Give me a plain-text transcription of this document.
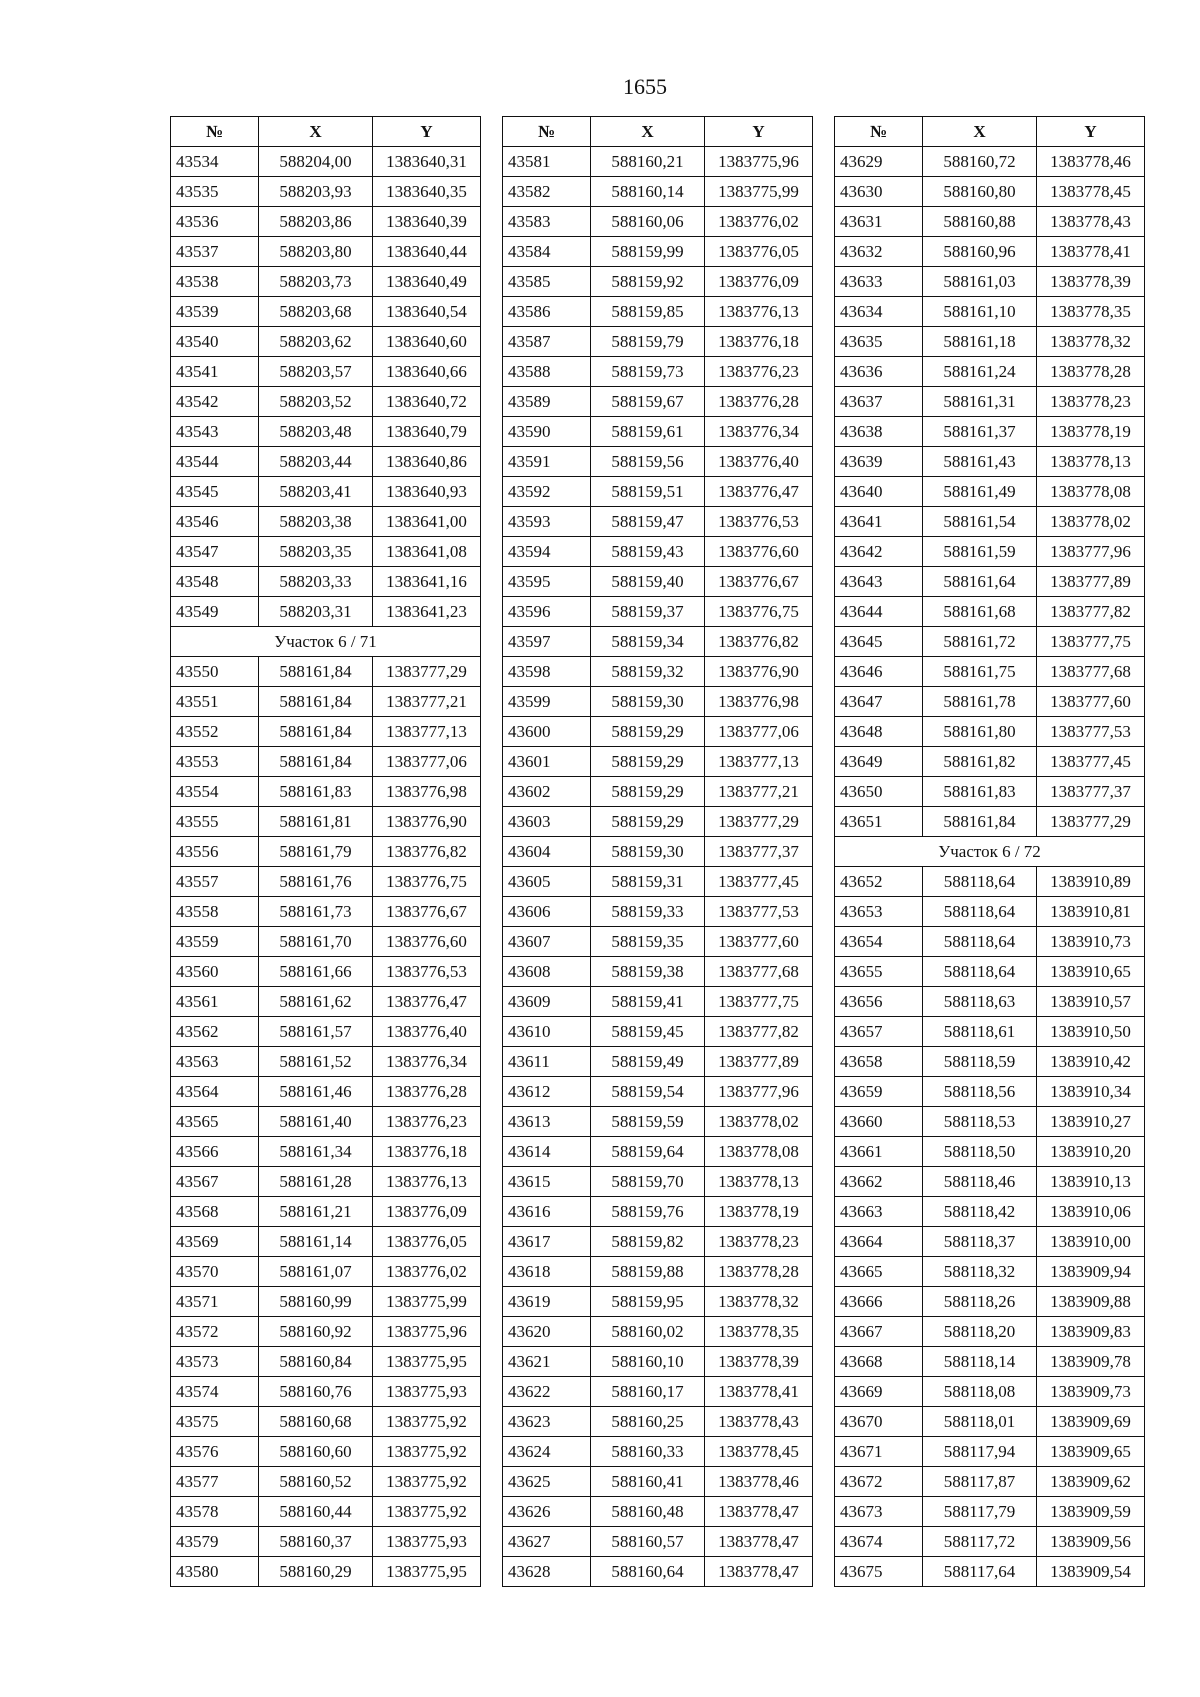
1655
№	X	Y
43534	588204,00	1383640,31
43535	588203,93	1383640,35
43536	588203,86	1383640,39
43537	588203,80	1383640,44
43538	588203,73	1383640,49
43539	588203,68	1383640,54
43540	588203,62	1383640,60
43541	588203,57	1383640,66
43542	588203,52	1383640,72
43543	588203,48	1383640,79
43544	588203,44	1383640,86
43545	588203,41	1383640,93
43546	588203,38	1383641,00
43547	588203,35	1383641,08
43548	588203,33	1383641,16
43549	588203,31	1383641,23
Участок 6 / 71		
43550	588161,84	1383777,29
43551	588161,84	1383777,21
43552	588161,84	1383777,13
43553	588161,84	1383777,06
43554	588161,83	1383776,98
43555	588161,81	1383776,90
43556	588161,79	1383776,82
43557	588161,76	1383776,75
43558	588161,73	1383776,67
43559	588161,70	1383776,60
43560	588161,66	1383776,53
43561	588161,62	1383776,47
43562	588161,57	1383776,40
43563	588161,52	1383776,34
43564	588161,46	1383776,28
43565	588161,40	1383776,23
43566	588161,34	1383776,18
43567	588161,28	1383776,13
43568	588161,21	1383776,09
43569	588161,14	1383776,05
43570	588161,07	1383776,02
43571	588160,99	1383775,99
43572	588160,92	1383775,96
43573	588160,84	1383775,95
43574	588160,76	1383775,93
43575	588160,68	1383775,92
43576	588160,60	1383775,92
43577	588160,52	1383775,92
43578	588160,44	1383775,92
43579	588160,37	1383775,93
43580	588160,29	1383775,95
№	X	Y
43581	588160,21	1383775,96
43582	588160,14	1383775,99
43583	588160,06	1383776,02
43584	588159,99	1383776,05
43585	588159,92	1383776,09
43586	588159,85	1383776,13
43587	588159,79	1383776,18
43588	588159,73	1383776,23
43589	588159,67	1383776,28
43590	588159,61	1383776,34
43591	588159,56	1383776,40
43592	588159,51	1383776,47
43593	588159,47	1383776,53
43594	588159,43	1383776,60
43595	588159,40	1383776,67
43596	588159,37	1383776,75
43597	588159,34	1383776,82
43598	588159,32	1383776,90
43599	588159,30	1383776,98
43600	588159,29	1383777,06
43601	588159,29	1383777,13
43602	588159,29	1383777,21
43603	588159,29	1383777,29
43604	588159,30	1383777,37
43605	588159,31	1383777,45
43606	588159,33	1383777,53
43607	588159,35	1383777,60
43608	588159,38	1383777,68
43609	588159,41	1383777,75
43610	588159,45	1383777,82
43611	588159,49	1383777,89
43612	588159,54	1383777,96
43613	588159,59	1383778,02
43614	588159,64	1383778,08
43615	588159,70	1383778,13
43616	588159,76	1383778,19
43617	588159,82	1383778,23
43618	588159,88	1383778,28
43619	588159,95	1383778,32
43620	588160,02	1383778,35
43621	588160,10	1383778,39
43622	588160,17	1383778,41
43623	588160,25	1383778,43
43624	588160,33	1383778,45
43625	588160,41	1383778,46
43626	588160,48	1383778,47
43627	588160,57	1383778,47
43628	588160,64	1383778,47
№	X	Y
43629	588160,72	1383778,46
43630	588160,80	1383778,45
43631	588160,88	1383778,43
43632	588160,96	1383778,41
43633	588161,03	1383778,39
43634	588161,10	1383778,35
43635	588161,18	1383778,32
43636	588161,24	1383778,28
43637	588161,31	1383778,23
43638	588161,37	1383778,19
43639	588161,43	1383778,13
43640	588161,49	1383778,08
43641	588161,54	1383778,02
43642	588161,59	1383777,96
43643	588161,64	1383777,89
43644	588161,68	1383777,82
43645	588161,72	1383777,75
43646	588161,75	1383777,68
43647	588161,78	1383777,60
43648	588161,80	1383777,53
43649	588161,82	1383777,45
43650	588161,83	1383777,37
43651	588161,84	1383777,29
Участок 6 / 72		
43652	588118,64	1383910,89
43653	588118,64	1383910,81
43654	588118,64	1383910,73
43655	588118,64	1383910,65
43656	588118,63	1383910,57
43657	588118,61	1383910,50
43658	588118,59	1383910,42
43659	588118,56	1383910,34
43660	588118,53	1383910,27
43661	588118,50	1383910,20
43662	588118,46	1383910,13
43663	588118,42	1383910,06
43664	588118,37	1383910,00
43665	588118,32	1383909,94
43666	588118,26	1383909,88
43667	588118,20	1383909,83
43668	588118,14	1383909,78
43669	588118,08	1383909,73
43670	588118,01	1383909,69
43671	588117,94	1383909,65
43672	588117,87	1383909,62
43673	588117,79	1383909,59
43674	588117,72	1383909,56
43675	588117,64	1383909,54
